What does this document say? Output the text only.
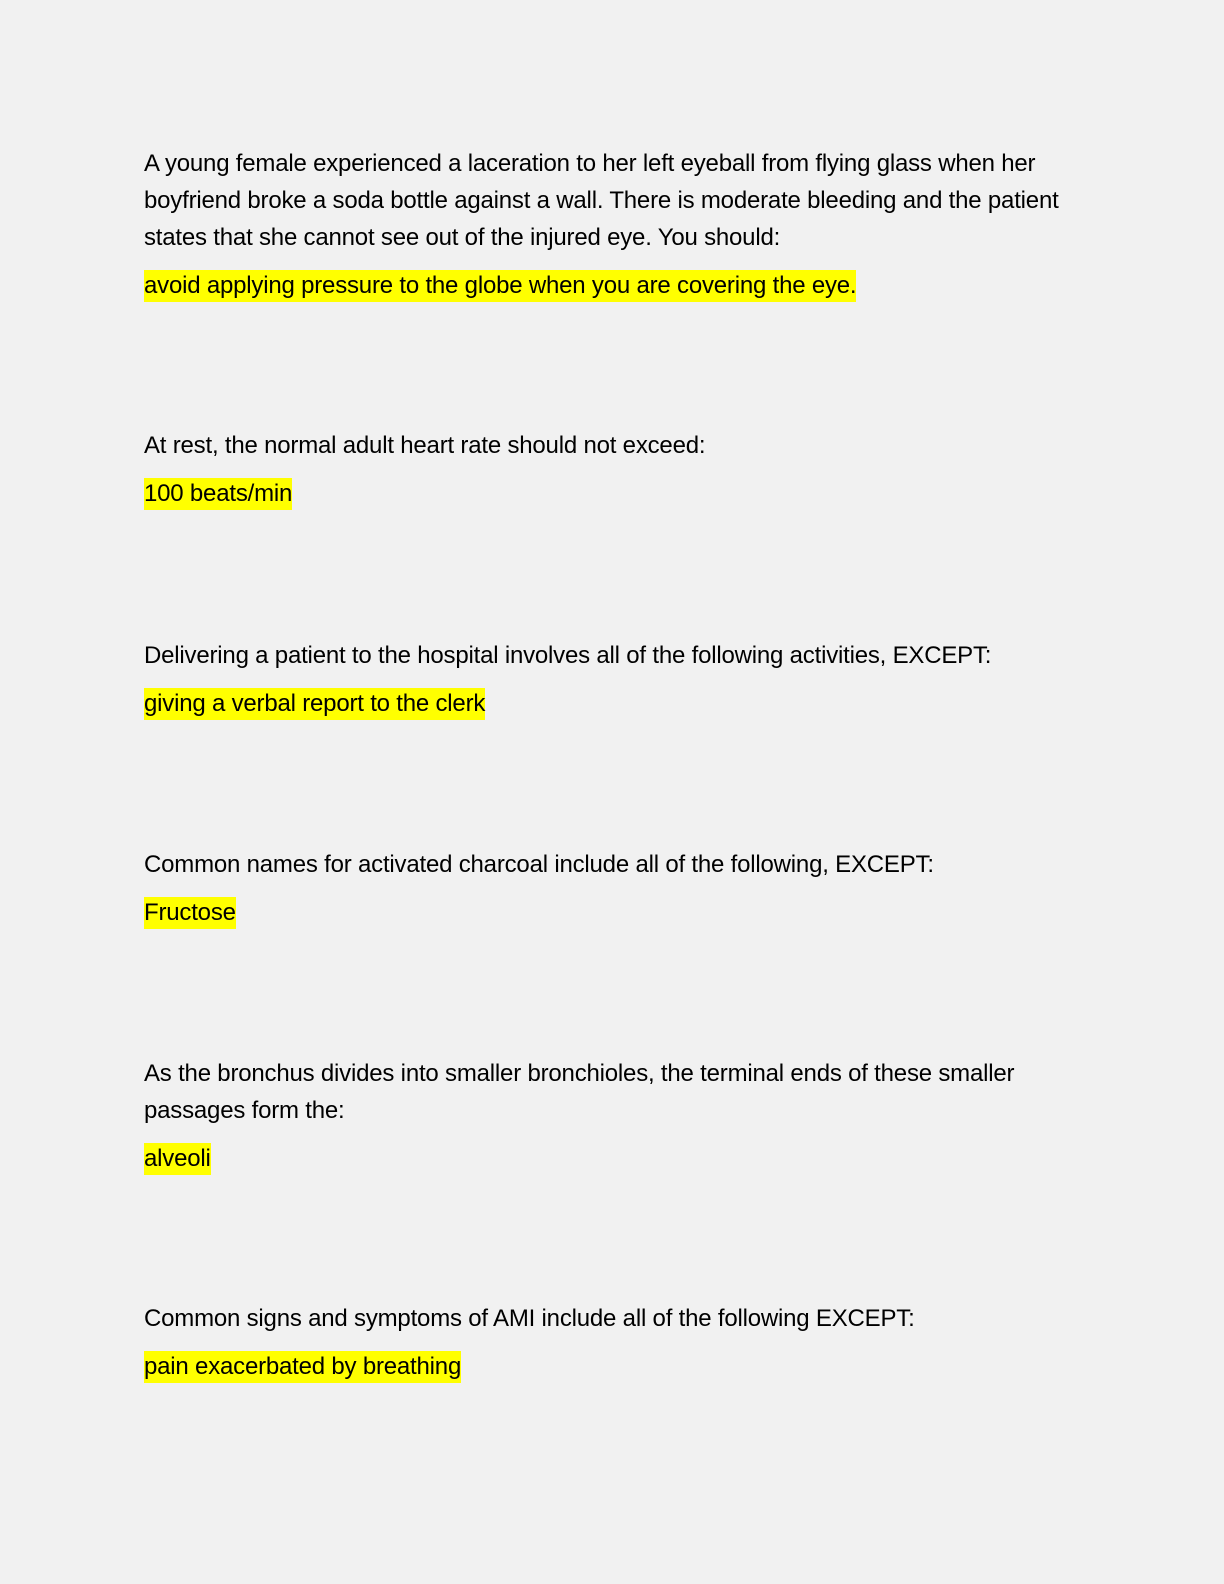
A young female experienced a laceration to her left eyeball from flying glass when her boyfriend broke a soda bottle against a wall. There is moderate bleeding and the patient states that she cannot see out of the injured eye. You should:

avoid applying pressure to the globe when you are covering the eye.

At rest, the normal adult heart rate should not exceed:

100 beats/min

Delivering a patient to the hospital involves all of the following activities, EXCEPT:

giving a verbal report to the clerk

Common names for activated charcoal include all of the following, EXCEPT:

Fructose

As the bronchus divides into smaller bronchioles, the terminal ends of these smaller passages form the:

alveoli

Common signs and symptoms of AMI include all of the following EXCEPT:

pain exacerbated by breathing
